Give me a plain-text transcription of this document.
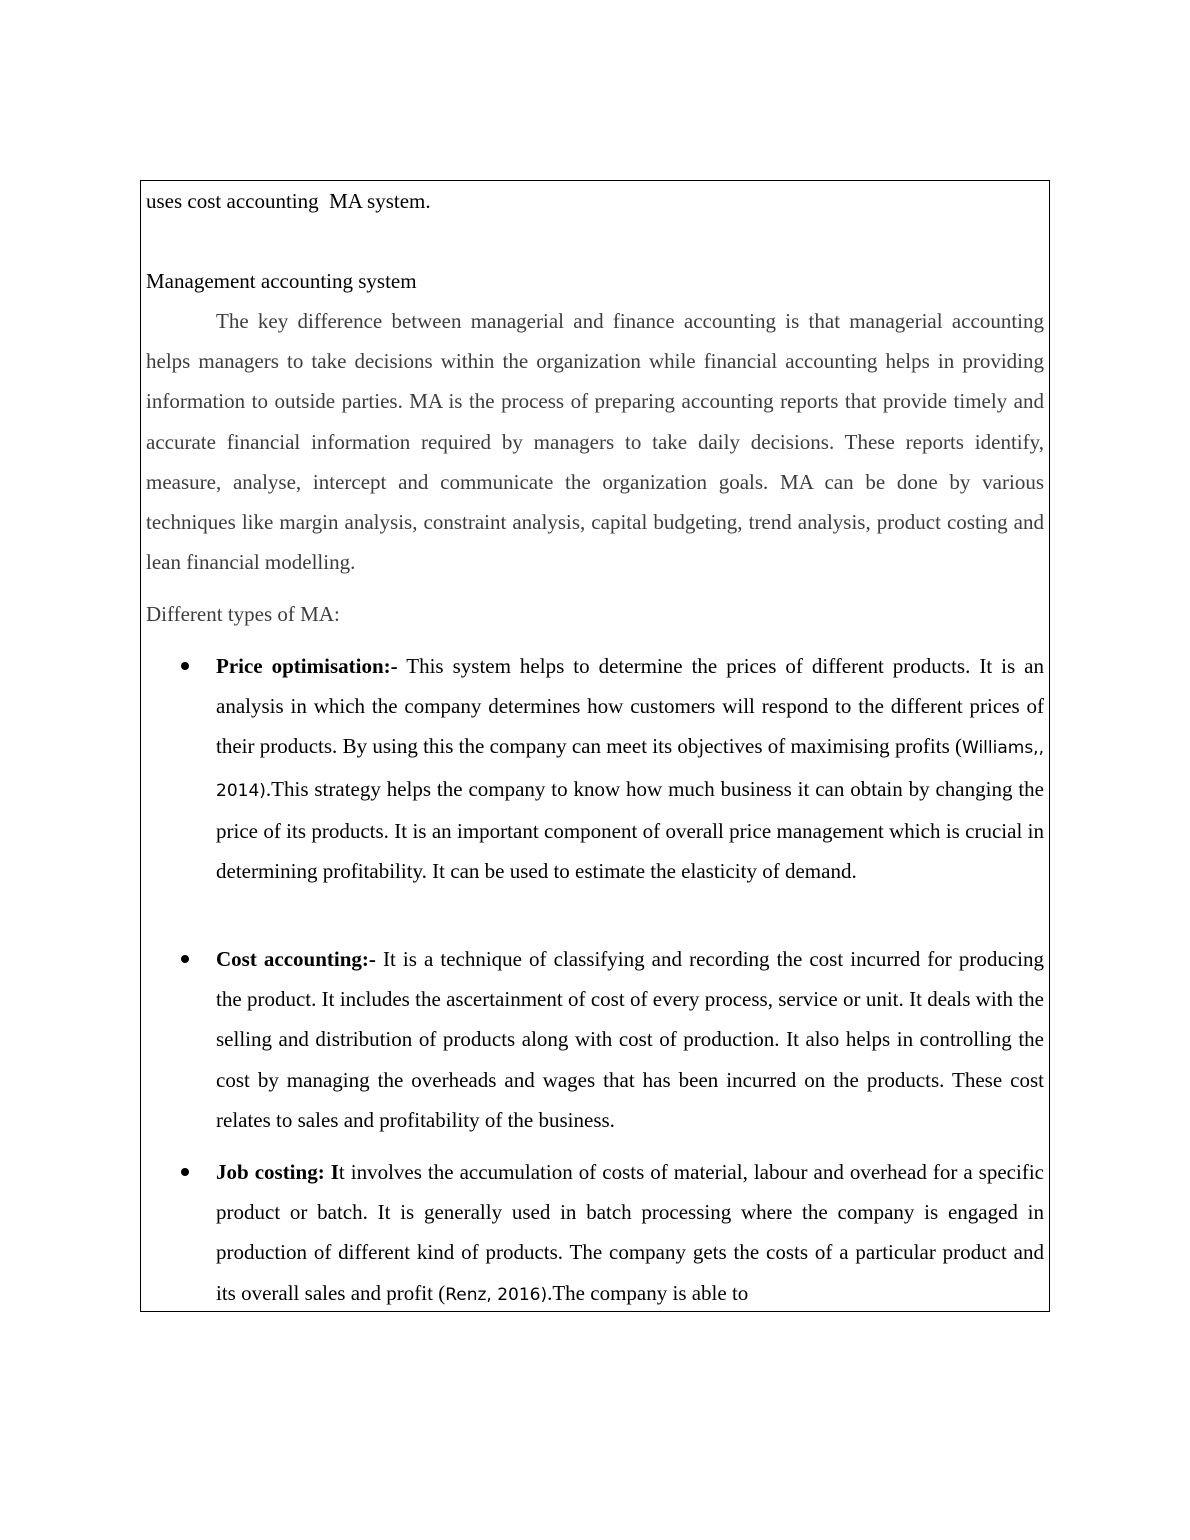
uses cost accounting  MA system.
Management accounting system

The key difference between managerial and finance accounting is that managerial accounting helps managers to take decisions within the organization while financial accounting helps in providing information to outside parties. MA is the process of preparing accounting reports that provide timely and accurate financial information required by managers to take daily decisions. These reports identify, measure, analyse, intercept and communicate the organization goals. MA can be done by various techniques like margin analysis, constraint analysis, capital budgeting, trend analysis, product costing and lean financial modelling.

Different types of MA:

Price optimisation:- This system helps to determine the prices of different products. It is an analysis in which the company determines how customers will respond to the different prices of their products. By using this the company can meet its objectives of maximising profits (Williams,, 2014).This strategy helps the company to know how much business it can obtain by changing the price of its products. It is an important component of overall price management which is crucial in determining profitability. It can be used to estimate the elasticity of demand.

Cost accounting:- It is a technique of classifying and recording the cost incurred for producing the product. It includes the ascertainment of cost of every process, service or unit. It deals with the selling and distribution of products along with cost of production. It also helps in controlling the cost by managing the overheads and wages that has been incurred on the products. These cost relates to sales and profitability of the business.

Job costing: It involves the accumulation of costs of material, labour and overhead for a specific product or batch. It is generally used in batch processing where the company is engaged in production of different kind of products. The company gets the costs of a particular product and its overall sales and profit (Renz, 2016).The company is able to
